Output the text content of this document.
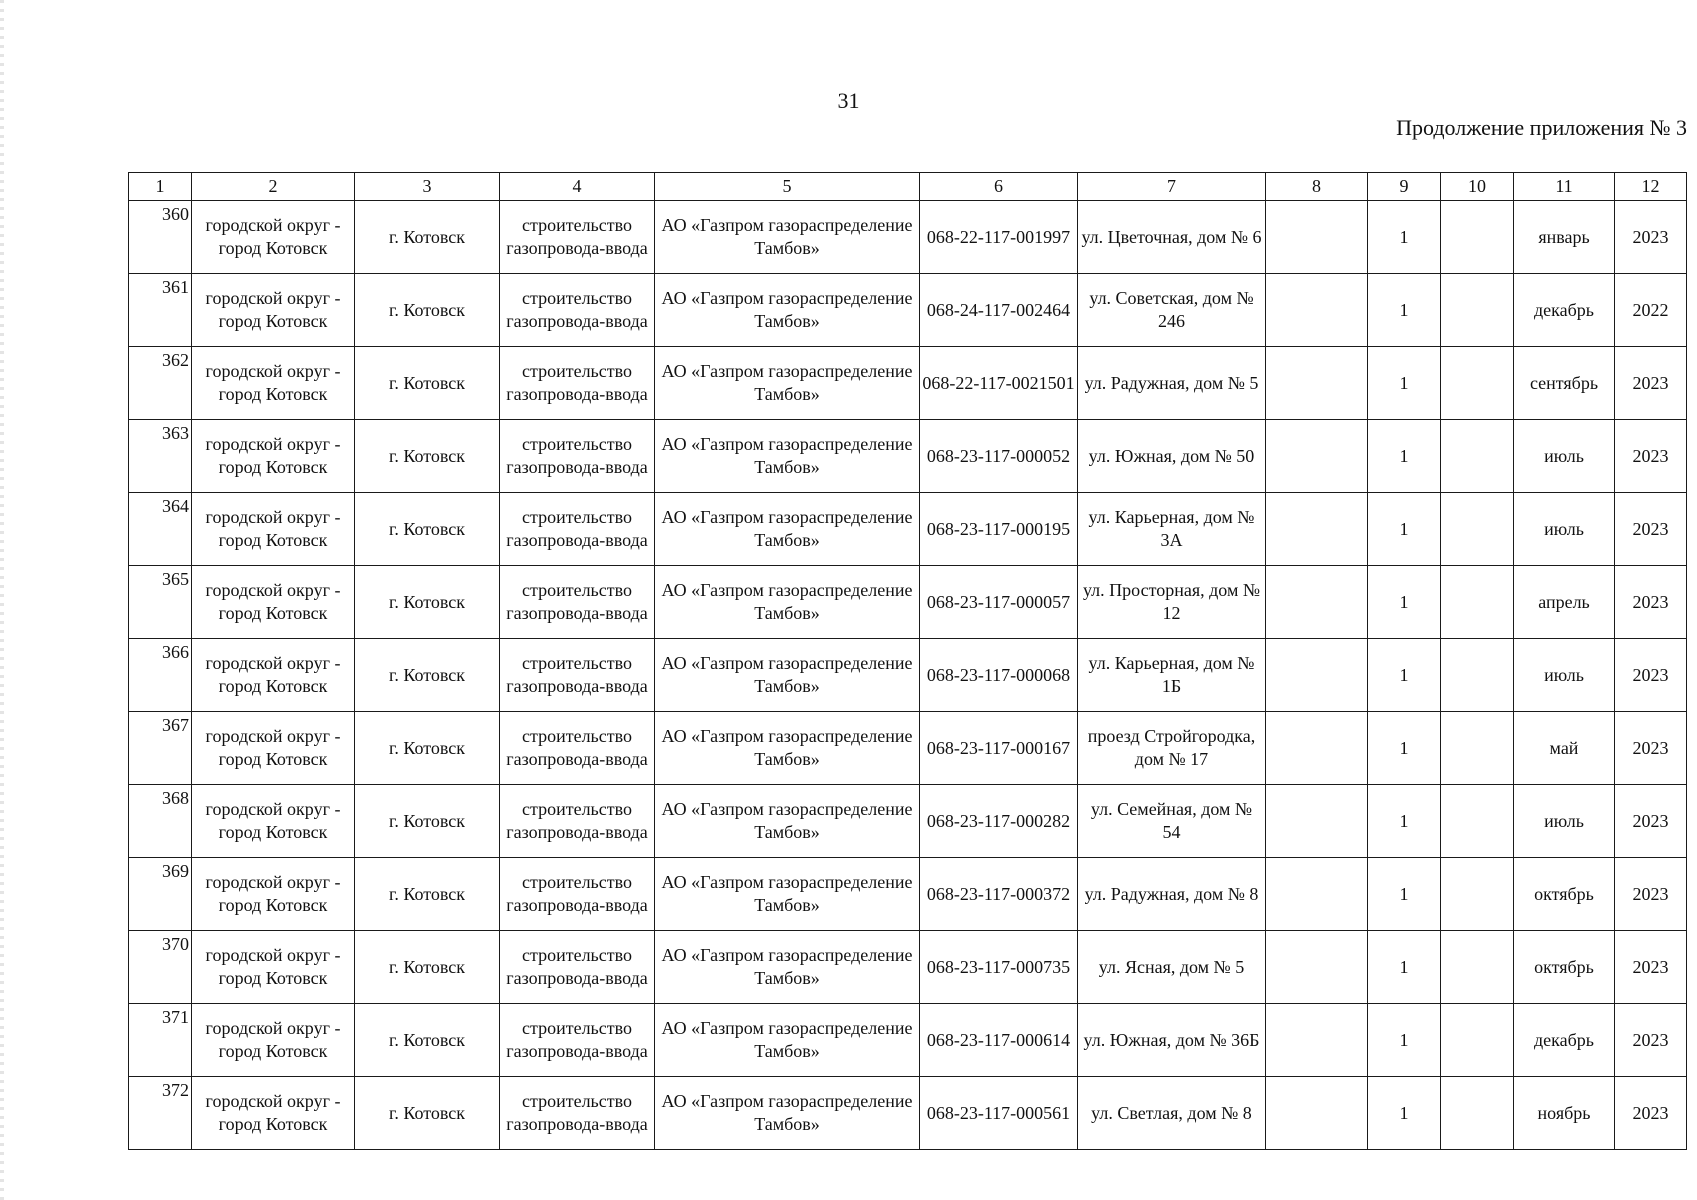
31
Продолжение приложения № 3
1	2	3	4	5	6	7	8	9	10	11	12
360	городской округ - город Котовск	г. Котовск	строительство газопровода-ввода	АО «Газпром газораспределение Тамбов»	068-22-117-001997	ул. Цветочная, дом № 6		1		январь	2023
361	городской округ - город Котовск	г. Котовск	строительство газопровода-ввода	АО «Газпром газораспределение Тамбов»	068-24-117-002464	ул. Советская, дом № 246		1		декабрь	2022
362	городской округ - город Котовск	г. Котовск	строительство газопровода-ввода	АО «Газпром газораспределение Тамбов»	068-22-117-0021501	ул. Радужная, дом № 5		1		сентябрь	2023
363	городской округ - город Котовск	г. Котовск	строительство газопровода-ввода	АО «Газпром газораспределение Тамбов»	068-23-117-000052	ул. Южная, дом № 50		1		июль	2023
364	городской округ - город Котовск	г. Котовск	строительство газопровода-ввода	АО «Газпром газораспределение Тамбов»	068-23-117-000195	ул. Карьерная, дом № 3А		1		июль	2023
365	городской округ - город Котовск	г. Котовск	строительство газопровода-ввода	АО «Газпром газораспределение Тамбов»	068-23-117-000057	ул. Просторная, дом № 12		1		апрель	2023
366	городской округ - город Котовск	г. Котовск	строительство газопровода-ввода	АО «Газпром газораспределение Тамбов»	068-23-117-000068	ул. Карьерная, дом № 1Б		1		июль	2023
367	городской округ - город Котовск	г. Котовск	строительство газопровода-ввода	АО «Газпром газораспределение Тамбов»	068-23-117-000167	проезд Стройгородка, дом № 17		1		май	2023
368	городской округ - город Котовск	г. Котовск	строительство газопровода-ввода	АО «Газпром газораспределение Тамбов»	068-23-117-000282	ул. Семейная, дом № 54		1		июль	2023
369	городской округ - город Котовск	г. Котовск	строительство газопровода-ввода	АО «Газпром газораспределение Тамбов»	068-23-117-000372	ул. Радужная, дом № 8		1		октябрь	2023
370	городской округ - город Котовск	г. Котовск	строительство газопровода-ввода	АО «Газпром газораспределение Тамбов»	068-23-117-000735	ул. Ясная, дом № 5		1		октябрь	2023
371	городской округ - город Котовск	г. Котовск	строительство газопровода-ввода	АО «Газпром газораспределение Тамбов»	068-23-117-000614	ул. Южная, дом № 36Б		1		декабрь	2023
372	городской округ - город Котовск	г. Котовск	строительство газопровода-ввода	АО «Газпром газораспределение Тамбов»	068-23-117-000561	ул. Светлая, дом № 8		1		ноябрь	2023
